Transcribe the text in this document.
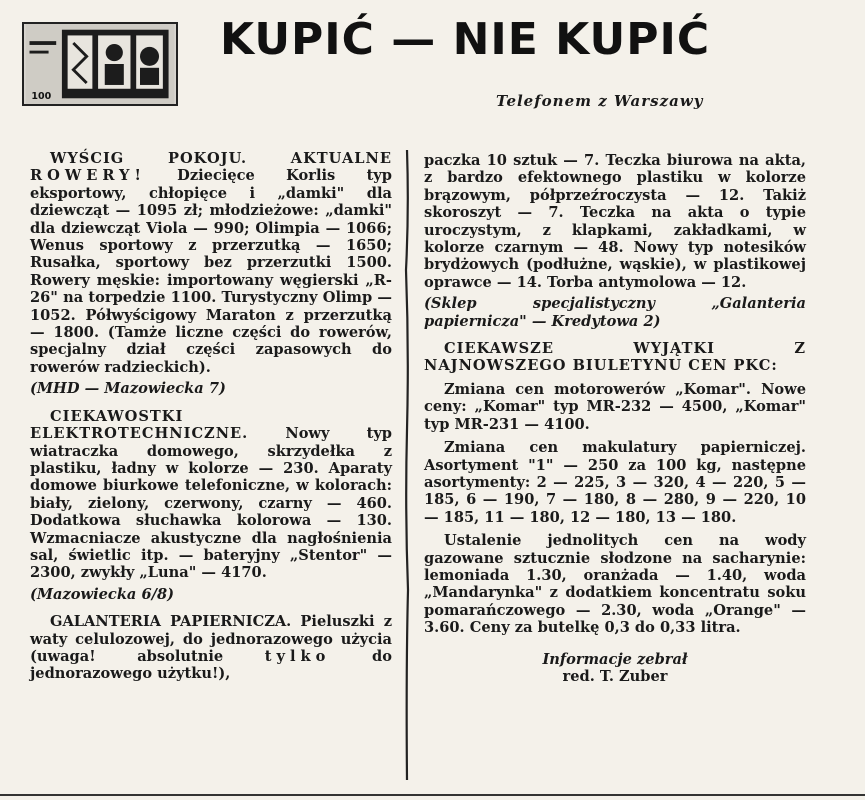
100
KUPIĆ — NIE KUPIĆ
Telefonem z Warszawy

WYŚCIG POKOJU. AKTUALNE ROWERY! Dziecięce Korlis typ eksportowy, chłopięce i „damki" dla dziewcząt — 1095 zł; młodzieżowe: „damki" dla dziewcząt Viola — 990; Olimpia — 1066; Wenus sportowy z przerzutką — 1650; Rusałka, sportowy bez przerzutki 1500. Rowery męskie: importowany węgierski „R-26" na torpedzie 1100. Turystyczny Olimp — 1052. Półwyścigowy Maraton z przerzutką — 1800. (Tamże liczne części do rowerów, specjalny dział części zapasowych do rowerów radzieckich).

(MHD — Mazowiecka 7)

CIEKAWOSTKI ELEKTROTECHNICZNE. Nowy typ wiatraczka domowego, skrzydełka z plastiku, ładny w kolorze — 230. Aparaty domowe biurkowe telefoniczne, w kolorach: biały, zielony, czerwony, czarny — 460. Dodatkowa słuchawka kolorowa — 130. Wzmacniacze akustyczne dla nagłośnienia sal, świetlic itp. — bateryjny „Stentor" — 2300, zwykły „Luna" — 4170.

(Mazowiecka 6/8)

GALANTERIA PAPIERNICZA. Pieluszki z waty celulozowej, do jednorazowego użycia (uwaga! absolutnie tylko do jednorazowego użytku!),

paczka 10 sztuk — 7. Teczka biurowa na akta, z bardzo efektownego plastiku w kolorze brązowym, półprzeźroczysta — 12. Takiż skoroszyt — 7. Teczka na akta o typie uroczystym, z klapkami, zakładkami, w kolorze czarnym — 48. Nowy typ notesików brydżowych (podłużne, wąskie), w plastikowej oprawce — 14. Torba antymolowa — 12.

(Sklep specjalistyczny „Galanteria papiernicza" — Kredytowa 2)

CIEKAWSZE WYJĄTKI Z NAJNOWSZEGO BIULETYNU CEN PKC:

Zmiana cen motorowerów „Komar". Nowe ceny: „Komar" typ MR-232 — 4500, „Komar" typ MR-231 — 4100.

Zmiana cen makulatury papierniczej. Asortyment "1" — 250 za 100 kg, następne asortymenty: 2 — 225, 3 — 320, 4 — 220, 5 — 185, 6 — 190, 7 — 180, 8 — 280, 9 — 220, 10 — 185, 11 — 180, 12 — 180, 13 — 180.

Ustalenie jednolitych cen na wody gazowane sztucznie słodzone na sacharynie: lemoniada 1.30, oranżada — 1.40, woda „Mandarynka" z dodatkiem koncentratu soku pomarańczowego — 2.30, woda „Orange" — 3.60. Ceny za butelkę 0,3 do 0,33 litra.

Informacje zebrał

red. T. Zuber
